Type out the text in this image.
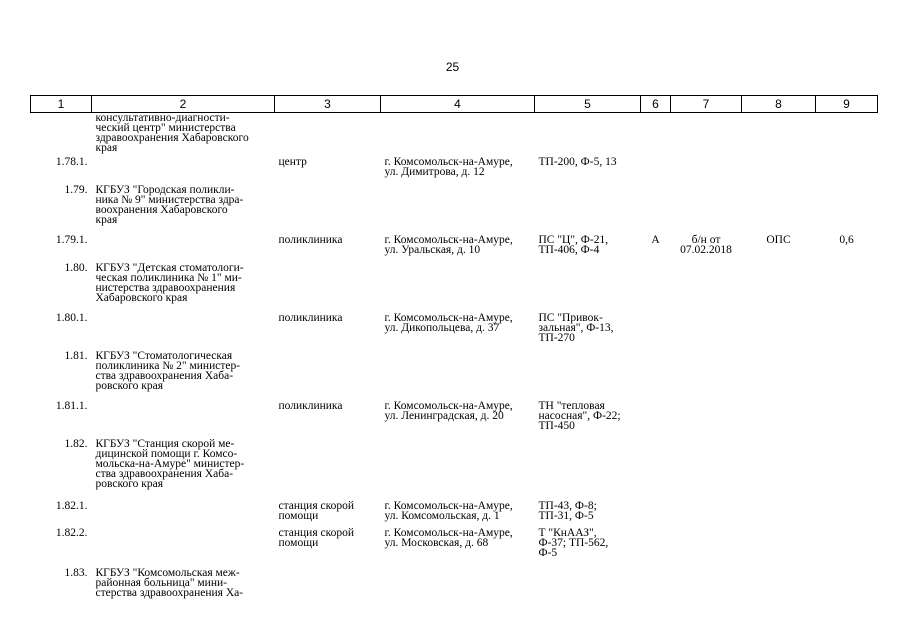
25
1	2	3	4	5	6	7	8	9
	консультативно-диагности-
ческий центр" министерства
здравоохранения Хабаровского
края							
1.78.1.		центр	г. Комсомольск-на-Амуре,
ул. Димитрова, д. 12	ТП-200, Ф-5, 13				
1.79.	КГБУЗ "Городская поликли-
ника № 9" министерства здра-
воохранения Хабаровского
края							
1.79.1.		поликлиника	г. Комсомольск-на-Амуре,
ул. Уральская, д. 10	ПС "Ц", Ф-21,
ТП-406, Ф-4	А	б/н от
07.02.2018	ОПС	0,6
1.80.	КГБУЗ "Детская стоматологи-
ческая поликлиника № 1" ми-
нистерства здравоохранения
Хабаровского края							
1.80.1.		поликлиника	г. Комсомольск-на-Амуре,
ул. Дикопольцева, д. 37	ПС "Привок-
зальная", Ф-13,
ТП-270				
1.81.	КГБУЗ "Стоматологическая
поликлиника № 2" министер-
ства здравоохранения Хаба-
ровского края							
1.81.1.		поликлиника	г. Комсомольск-на-Амуре,
ул. Ленинградская, д. 20	ТН "тепловая
насосная", Ф-22;
ТП-450				
1.82.	КГБУЗ "Станция скорой ме-
дицинской помощи г. Комсо-
мольска-на-Амуре" министер-
ства здравоохранения Хаба-
ровского края							
1.82.1.		станция скорой
помощи	г. Комсомольск-на-Амуре,
ул. Комсомольская, д. 1	ТП-43, Ф-8;
ТП-31, Ф-5				
1.82.2.		станция скорой
помощи	г. Комсомольск-на-Амуре,
ул. Московская, д. 68	Т "КнААЗ",
Ф-37; ТП-562,
Ф-5				
1.83.	КГБУЗ "Комсомольская меж-
районная больница" мини-
стерства здравоохранения Ха-							
